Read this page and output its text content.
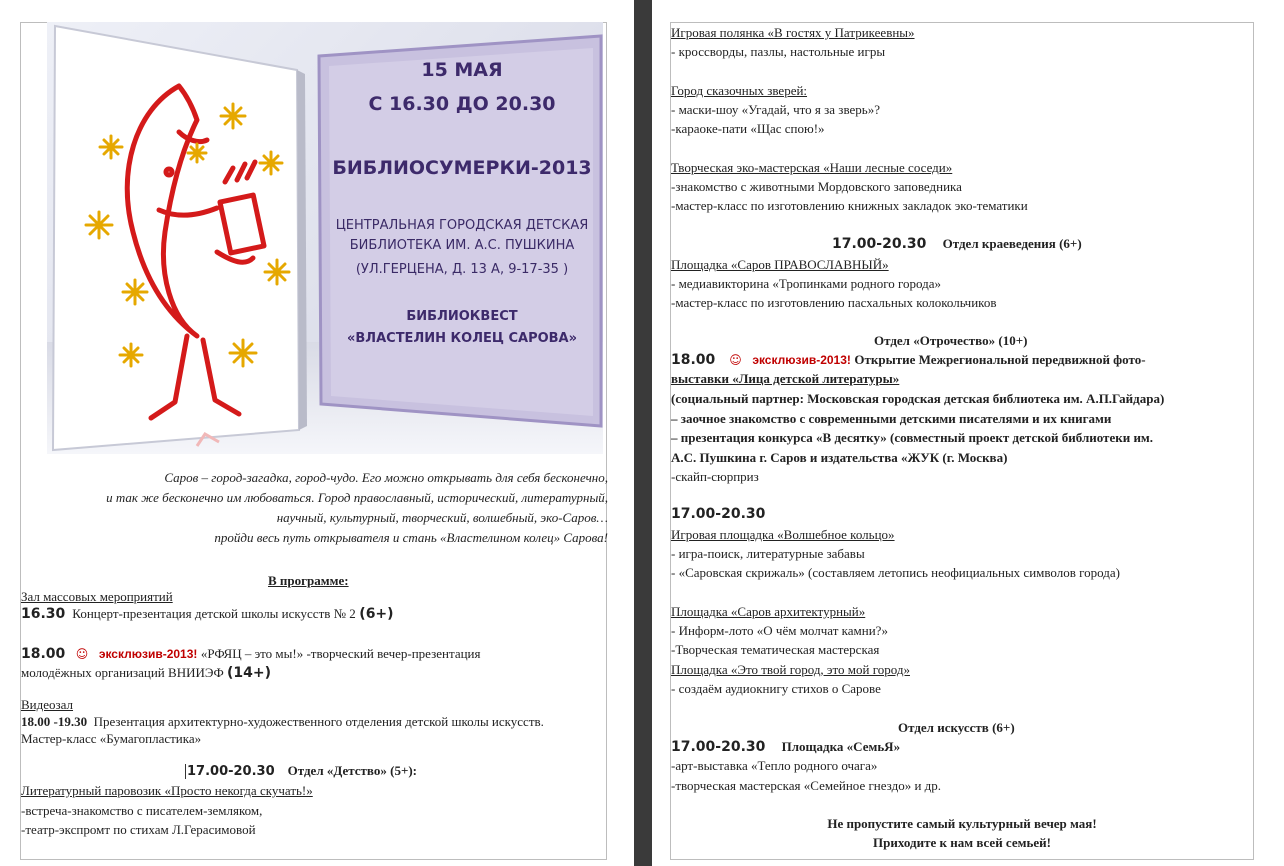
15 МАЯ
С 16.30 ДО 20.30
БИБЛИОСУМЕРКИ-2013
ЦЕНТРАЛЬНАЯ ГОРОДСКАЯ ДЕТСКАЯ
БИБЛИОТЕКА ИМ. А.С. ПУШКИНА
(УЛ.ГЕРЦЕНА, Д. 13 А, 9-17-35 )
БИБЛИОКВЕСТ
«ВЛАСТЕЛИН КОЛЕЦ САРОВА»
Саров – город-загадка, город-чудо. Его можно открывать для себя бесконечно,
и так же бесконечно им любоваться. Город православный, исторический, литературный,
научный, культурный, творческий, волшебный, эко-Саров…
пройди весь путь открывателя и стань «Властелином колец» Сарова!
В программе:
Зал массовых мероприятий
16.30 Концерт-презентация детской школы искусств № 2 (6+)
18.00 ☺ эксклюзив-2013! «РФЯЦ – это мы!» -творческий вечер-презентация
молодёжных организаций ВНИИЭФ (14+)
Видеозал
18.00 -19.30 Презентация архитектурно-художественного отделения детской школы искусств.
Мастер-класс «Бумагопластика»
17.00-20.30 Отдел «Детство» (5+):
Литературный паровозик «Просто некогда скучать!»
-встреча-знакомство с писателем-земляком,
-театр-экспромт по стихам Л.Герасимовой
Игровая полянка «В гостях у Патрикеевны»
- кроссворды, пазлы, настольные игры
Город сказочных зверей:
- маски-шоу «Угадай, что я за зверь»?
-караоке-пати «Щас спою!»
Творческая эко-мастерская «Наши лесные соседи»
-знакомство с животными Мордовского заповедника
-мастер-класс по изготовлению книжных закладок эко-тематики
17.00-20.30 Отдел краеведения (6+)
Площадка «Саров ПРАВОСЛАВНЫЙ»
- медиавикторина «Тропинками родного города»
-мастер-класс по изготовлению пасхальных колокольчиков
Отдел «Отрочество» (10+)
18.00 ☺ эксклюзив-2013! Открытие Межрегиональной передвижной фото-
выставки «Лица детской литературы»
(социальный партнер: Московская городская детская библиотека им. А.П.Гайдара)
– заочное знакомство с современными детскими писателями и их книгами
– презентация конкурса «В десятку» (совместный проект детской библиотеки им.
А.С. Пушкина г. Саров и издательства «ЖУК (г. Москва)
-скайп-сюрприз
17.00-20.30
Игровая площадка «Волшебное кольцо»
- игра-поиск, литературные забавы
- «Саровская скрижаль» (составляем летопись неофициальных символов города)
Площадка «Саров архитектурный»
- Информ-лото «О чём молчат камни?»
-Творческая тематическая мастерская
Площадка «Это твой город, это мой город»
- создаём аудиокнигу стихов о Сарове
Отдел искусств (6+)
17.00-20.30 Площадка «СемьЯ»
-арт-выставка «Тепло родного очага»
-творческая мастерская «Семейное гнездо» и др.
Не пропустите самый культурный вечер мая!
Приходите к нам всей семьей!
